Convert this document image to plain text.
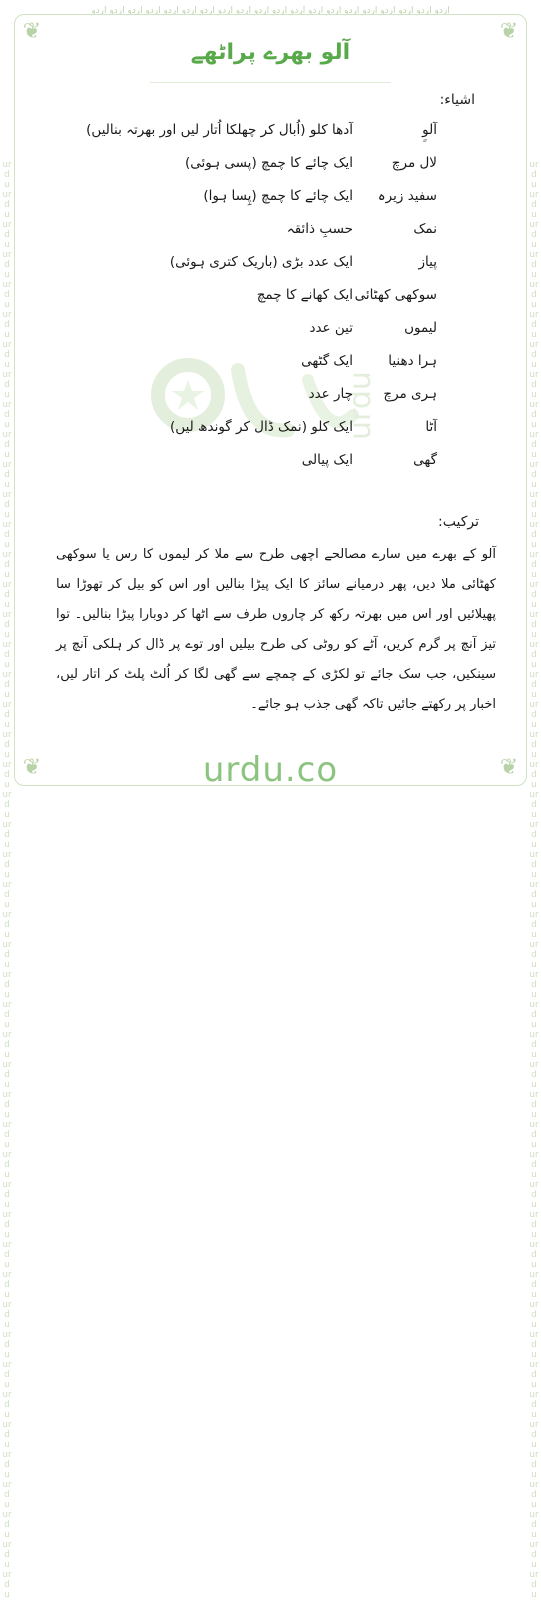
اردو اردو اردو اردو اردو اردو اردو اردو اردو اردو اردو اردو اردو اردو اردو اردو اردو اردو اردو اردو
urdu urdu urdu urdu urdu urdu urdu urdu urdu urdu urdu urdu urdu urdu urdu urdu urdu urdu urdu urdu urdu urdu urdu urdu urdu urdu urdu urdu urdu urdu urdu urdu urdu urdu urdu urdu urdu urdu urdu urdu urdu urdu urdu urdu urdu urdu urdu urdu
urdu urdu urdu urdu urdu urdu urdu urdu urdu urdu urdu urdu urdu urdu urdu urdu urdu urdu urdu urdu urdu urdu urdu urdu urdu urdu urdu urdu urdu urdu urdu urdu urdu urdu urdu urdu urdu urdu urdu urdu urdu urdu urdu urdu urdu urdu urdu urdu
❦	❦
❦	❦
آلو بھرے پراٹھے
اشیاء:
urdu
آلو
آدھا کلو (اُبال کر چھلکا اُتار لیں اور بھرتہ بنالیں)
لال مرچ
ایک چائے کا چمچ (پسی ہوئی)
سفید زیرہ
ایک چائے کا چمچ (پِسا ہوا)
نمک
حسبِ ذائقہ
پیاز
ایک عدد بڑی (باریک کتری ہوئی)
سوکھی کھٹائی
ایک کھانے کا چمچ
لیموں
تین عدد
ہرا دھنیا
ایک گٹھی
ہری مرچ
چار عدد
آٹا
ایک کلو (نمک ڈال کر گوندھ لیں)
گھی
ایک پیالی
ترکیب:

آلو کے بھرے میں سارے مصالحے اچھی طرح سے ملا کر لیموں کا رس یا سوکھی کھٹائی ملا دیں، پھر درمیانے سائز کا ایک پیڑا بنالیں اور اس کو بیل کر تھوڑا سا پھیلائیں اور اس میں بھرتہ رکھ کر چاروں طرف سے اٹھا کر دوبارا پیڑا بنالیں۔ توا تیز آنچ پر گرم کریں، آٹے کو روٹی کی طرح بیلیں اور توے پر ڈال کر ہلکی آنچ پر سینکیں، جب سک جائے تو لکڑی کے چمچے سے گھی لگا کر اُلٹ پلٹ کر اتار لیں، اخبار پر رکھتے جائیں تاکہ گھی جذب ہو جائے۔

urdu.co
